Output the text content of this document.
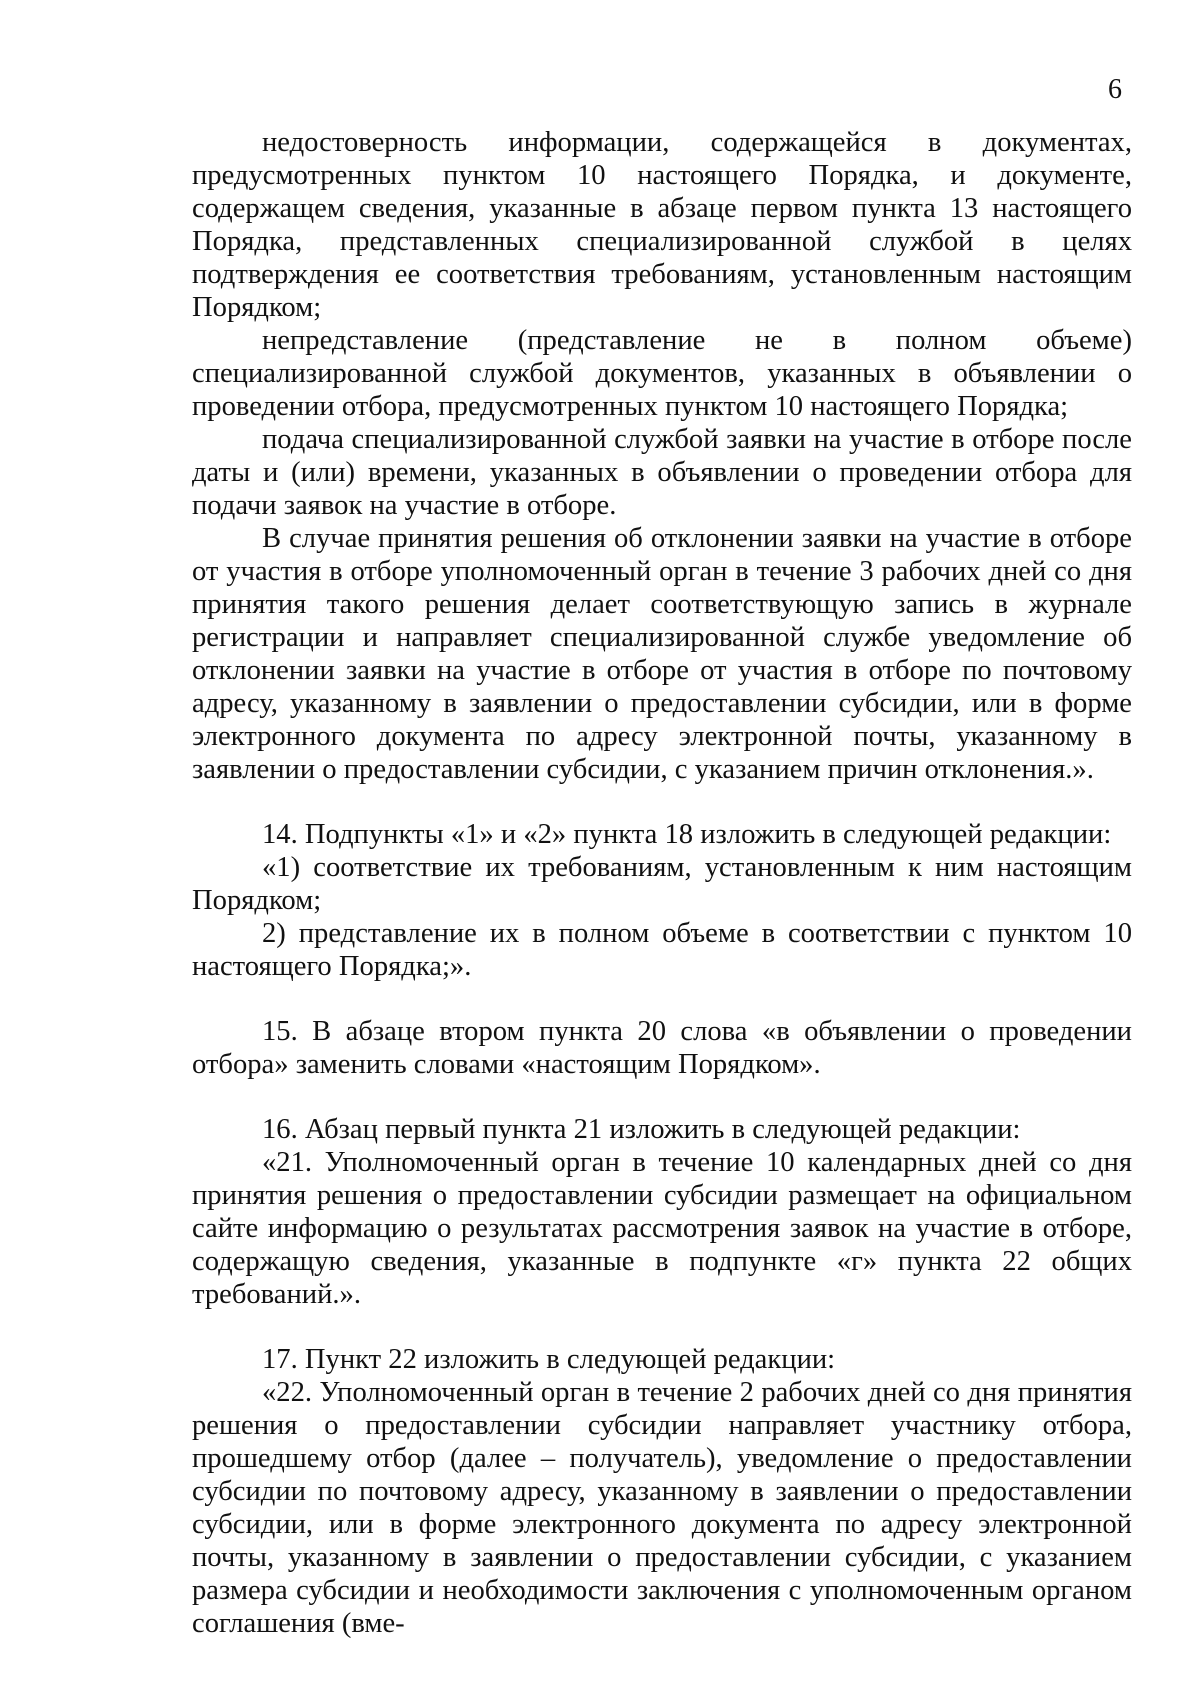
6

недостоверность информации, содержащейся в документах, предусмотренных пунктом 10 настоящего Порядка, и документе, содержащем сведения, указанные в абзаце первом пункта 13 настоящего Порядка, представленных специализированной службой в целях подтверждения ее соответствия требованиям, установленным настоящим Порядком;

непредставление (представление не в полном объеме) специализированной службой документов, указанных в объявлении о проведении отбора, предусмотренных пунктом 10 настоящего Порядка;

подача специализированной службой заявки на участие в отборе после даты и (или) времени, указанных в объявлении о проведении отбора для подачи заявок на участие в отборе.

В случае принятия решения об отклонении заявки на участие в отборе от участия в отборе уполномоченный орган в течение 3 рабочих дней со дня принятия такого решения делает соответствующую запись в журнале регистрации и направляет специализированной службе уведомление об отклонении заявки на участие в отборе от участия в отборе по почтовому адресу, указанному в заявлении о предоставлении субсидии, или в форме электронного документа по адресу электронной почты, указанному в заявлении о предоставлении субсидии, с указанием причин отклонения.».

14. Подпункты «1» и «2» пункта 18 изложить в следующей редакции:

«1) соответствие их требованиям, установленным к ним настоящим Порядком;

2) представление их в полном объеме в соответствии с пунктом 10 настоящего Порядка;».

15. В абзаце втором пункта 20 слова «в объявлении о проведении отбора» заменить словами «настоящим Порядком».

16. Абзац первый пункта 21 изложить в следующей редакции:

«21. Уполномоченный орган в течение 10 календарных дней со дня принятия решения о предоставлении субсидии размещает на официальном сайте информацию о результатах рассмотрения заявок на участие в отборе, содержащую сведения, указанные в подпункте «г» пункта 22 общих требований.».

17. Пункт 22 изложить в следующей редакции:

«22. Уполномоченный орган в течение 2 рабочих дней со дня принятия решения о предоставлении субсидии направляет участнику отбора, прошедшему отбор (далее – получатель), уведомление о предоставлении субсидии по почтовому адресу, указанному в заявлении о предоставлении субсидии, или в форме электронного документа по адресу электронной почты, указанному в заявлении о предоставлении субсидии, с указанием размера субсидии и необходимости заключения с уполномоченным органом соглашения (вме-
